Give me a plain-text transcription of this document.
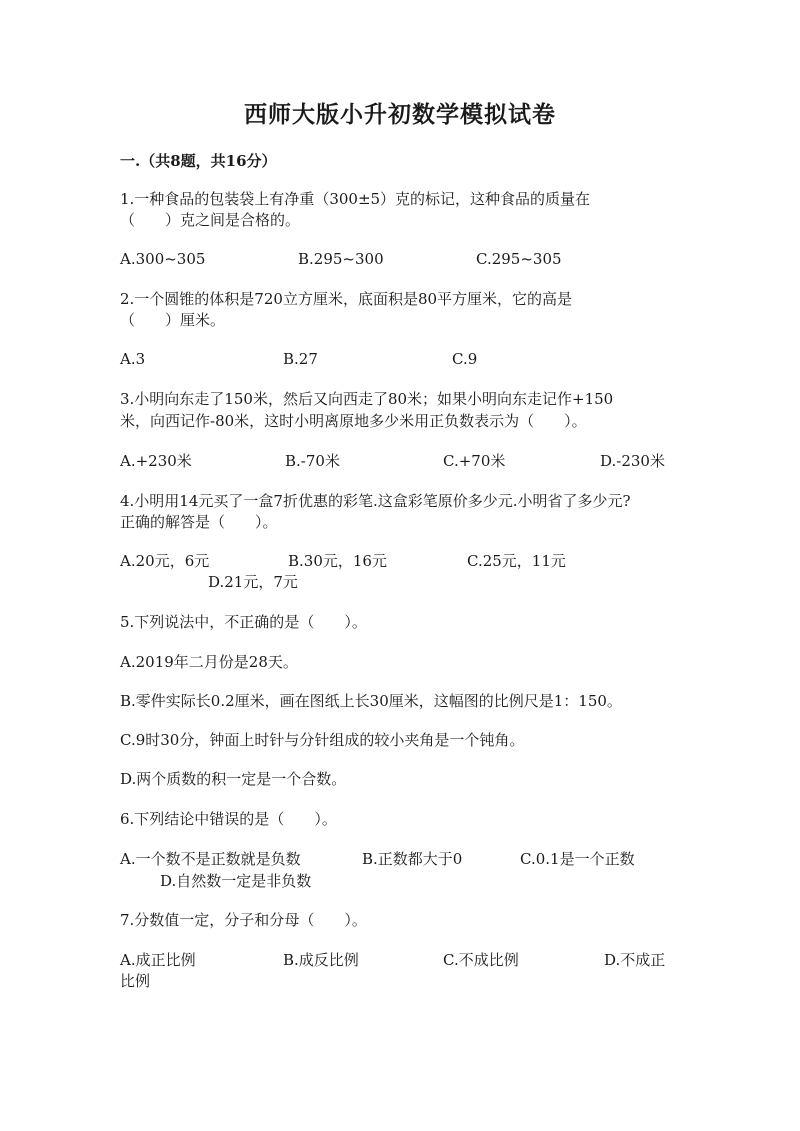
西师大版小升初数学模拟试卷
一.（共8题，共16分）
1.一种食品的包装袋上有净重（300±5）克的标记，这种食品的质量在
（　　）克之间是合格的。
A.300~305	B.295~300	C.295~305
2.一个圆锥的体积是720立方厘米，底面积是80平方厘米，它的高是
（　　）厘米。
A.3	B.27	C.9
3.小明向东走了150米，然后又向西走了80米；如果小明向东走记作+150
米，向西记作-80米，这时小明离原地多少米用正负数表示为（　　）。
A.+230米	B.-70米	C.+70米	D.-230米
4.小明用14元买了一盒7折优惠的彩笔.这盒彩笔原价多少元.小明省了多少元?
正确的解答是（　　）。
A.20元，6元	B.30元，16元	C.25元，11元
D.21元，7元
5.下列说法中，不正确的是（　　）。
A.2019年二月份是28天。
B.零件实际长0.2厘米，画在图纸上长30厘米，这幅图的比例尺是1：150。
C.9时30分，钟面上时针与分针组成的较小夹角是一个钝角。
D.两个质数的积一定是一个合数。
6.下列结论中错误的是（　　）。
A.一个数不是正数就是负数	B.正数都大于0	C.0.1是一个正数
D.自然数一定是非负数
7.分数值一定，分子和分母（　　）。
A.成正比例	B.成反比例	C.不成比例	D.不成正
比例
